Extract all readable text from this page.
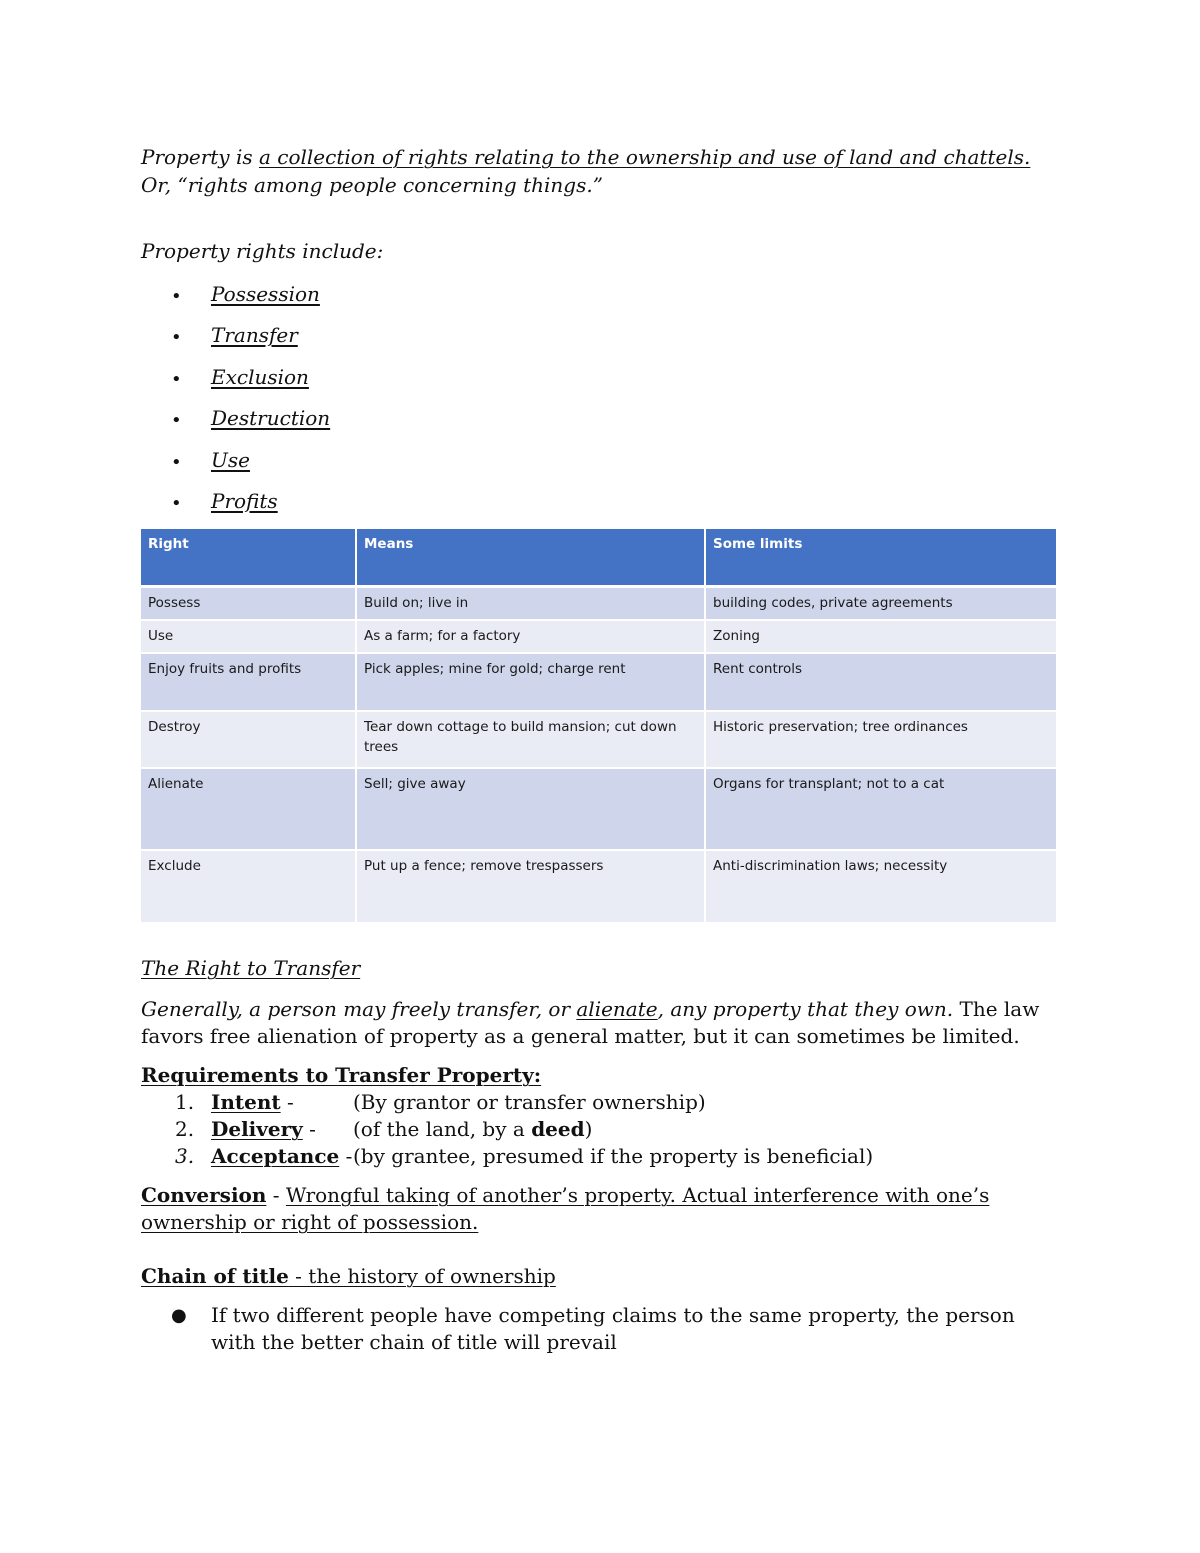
Property is a collection of rights relating to the ownership and use of land and chattels.

Or, “rights among people concerning things.”

Property rights include:

• Possession
• Transfer
• Exclusion
• Destruction
• Use
• Profits
Right	Means	Some limits
Possess	Build on; live in	building codes, private agreements
Use	As a farm; for a factory	Zoning
Enjoy fruits and profits	Pick apples; mine for gold; charge rent	Rent controls
Destroy	Tear down cottage to build mansion; cut down trees	Historic preservation; tree ordinances
Alienate	Sell; give away	Organs for transplant; not to a cat
Exclude	Put up a fence; remove trespassers	Anti-discrimination laws; necessity

The Right to Transfer

Generally, a person may freely transfer, or alienate, any property that they own. The law favors free alienation of property as a general matter, but it can sometimes be limited.

Requirements to Transfer Property:

1. Intent -	(By grantor or transfer ownership)
2. Delivery - (of the land, by a deed)
3. Acceptance - (by grantee, presumed if the property is beneficial)

Conversion - Wrongful taking of another’s property. Actual interference with one’s ownership or right of possession.

Chain of title - the history of ownership

● If two different people have competing claims to the same property, the person with the better chain of title will prevail
